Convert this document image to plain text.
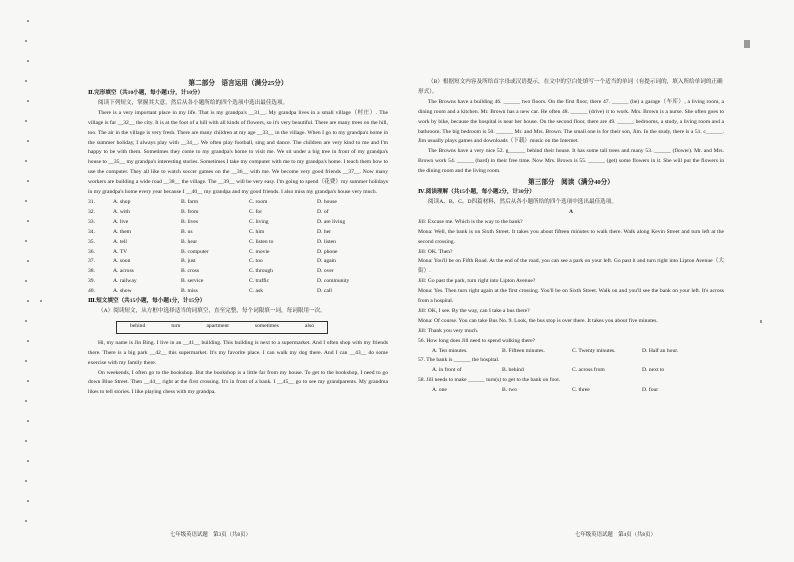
第二部分　语言运用（满分25分）

Ⅱ.完形填空（共10小题，每小题1分，计10分）

阅读下列短文，掌握其大意，然后从各小题所给的四个选项中选出最佳选项。

There is a very important place in my life. That is my grandpa's __31__. My grandpa lives in a small village（村庄）. The village is far __32__ the city. It is at the foot of a hill with all kinds of flowers, so it's very beautiful. There are many trees on the hill, too. The air in the village is very fresh. There are many children at my age __33__ in the village. When I go to my grandpa's home in the summer holiday, I always play with __34__. We often play football, sing and dance. The children are very kind to me and I'm happy to be with them. Sometimes they come to my grandpa's home to visit me. We sit under a big tree in front of my grandpa's house to __35__ my grandpa's interesting stories. Sometimes I take my computer with me to my grandpa's home. I teach them how to use the computer. They all like to watch soccer games on the __36__ with me. We become very good friends __37__. Now many workers are building a wide road __38__ the village. The __39__ will be very easy. I'm going to spend（花费）my summer holidays in my grandpa's home every year because I __40__ my grandpa and my good friends. I also miss my grandpa's house very much.

31.	A. shop	B. farm	C. room	D. house
32.	A. with	B. from	C. for	D. of
33.	A. live	B. lives	C. living	D. are living
34.	A. them	B. us	C. him	D. her
35.	A. tell	B. hear	C. listen to	D. listen
36.	A. TV	B. computer	C. movie	D. phone
37.	A. soon	B. just	C. too	D. again
38.	A. across	B. cross	C. through	D. over
39.	A. railway	B. service	C. traffic	D. community
40.	A. show	B. miss	C. ask	D. call

Ⅲ.短文填空（共15小题，每小题1分，计15分）

（A）阅读短文，从方框中选择适当的词填空，直至完整，每个词限填一词，每词限用一次。

behind	turn	apartment	sometimes	also

Hi, my name is Jin Bing. I live in an __41__ building. This building is next to a supermarket. And I often shop with my friends there. There is a big park __42__ this supermarket. It's my favorite place. I can walk my dog there. And I can __43__ do some exercise with my family there.

On weekends, I often go to the bookshop. But the bookshop is a little far from my house. To get to the bookshop, I need to go down Blue Street. Then __44__ right at the first crossing. It's in front of a bank. I __45__ go to see my grandparents. My grandma likes to tell stories. I like playing chess with my grandpa.

七年级英语试题　第3页（共8页）

（B）根据短文内容及所给首字母或汉语提示，在文中的空白处填写一个适当的单词（有提示词的，填入所给单词的正确形式）。

The Browns have a building 46. ______ two floors. On the first floor, there 47. ______ (be) a garage（车库）, a living room, a dining room and a kitchen. Mr. Brown has a new car. He often 48. ______ (drive) it to work. Mrs. Brown is a nurse. She often goes to work by bike, because the hospital is near her house. On the second floor, there are 49. ______ bedrooms, a study, a living room and a bathroom. The big bedroom is 50. ______ Mr. and Mrs. Brown. The small one is for their son, Jim. In the study, there is a 51. c______. Jim usually plays games and downloads（下载）music on the Internet.

The Browns have a very nice 52. g______ behind their house. It has some tall trees and many 53. ______ (flower). Mr. and Mrs. Brown work 54. ______ (hard) in their free time. Now Mrs. Brown is 55. ______ (get) some flowers in it. She will put the flowers in the dining room and the living room.

第三部分　阅读（满分40分）

Ⅳ.阅读理解（共15小题，每小题2分，计30分）

阅读A、B、C、D四篇材料，然后从各小题所给的四个选项中选出最佳选项。

A

Jill: Excuse me. Which is the way to the bank?

Mona: Well, the bank is on Sixth Street. It takes you about fifteen minutes to walk there. Walk along Kevin Street and turn left at the second crossing.

Jill: OK. Then?

Mona: You'll be on Fifth Road. At the end of the road, you can see a park on your left. Go past it and turn right into Lipton Avenue（大街）.

Jill: Go past the park, turn right into Lipton Avenue?

Mona: Yes. Then turn right again at the first crossing. You'll be on Sixth Street. Walk on and you'll see the bank on your left. It's across from a hospital.

Jill: OK, I see. By the way, can I take a bus there?

Mona: Of course. You can take Bus No. 9. Look, the bus stop is over there. It takes you about five minutes.

Jill: Thank you very much.

56. How long does Jill need to spend walking there?

A. Ten minutes.	B. Fifteen minutes.	C. Twenty minutes.	D. Half an hour.

57. The bank is ______ the hospital.

A. in front of	B. behind	C. across from	D. next to

58. Jill needs to make ______ turn(s) to get to the bank on foot.

A. one	B. two	C. three	D. four
七年级英语试题　第4页（共8页）
